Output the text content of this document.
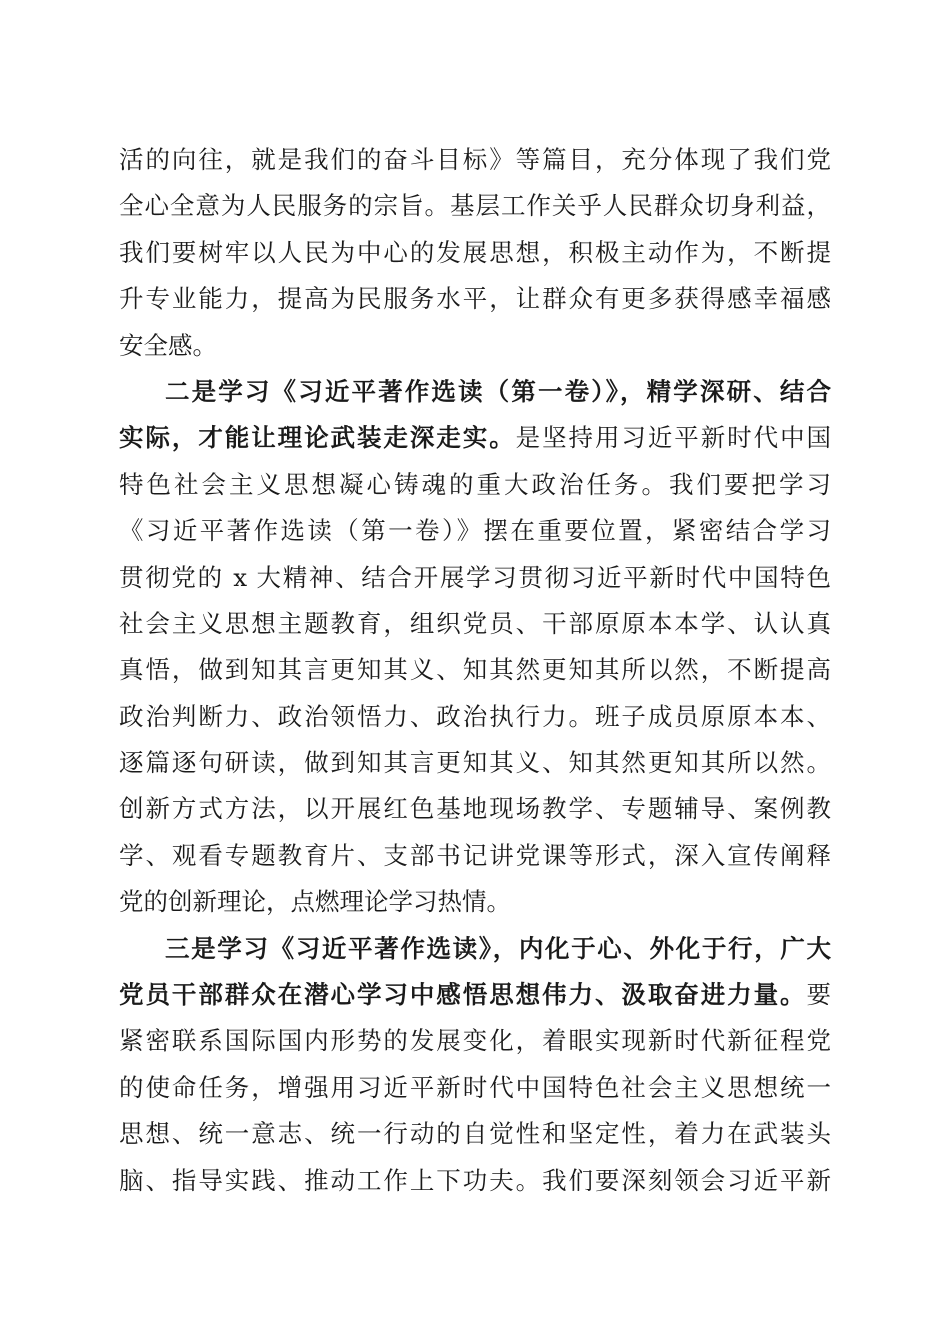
活的向往，就是我们的奋斗目标》等篇目，充分体现了我们党
全心全意为人民服务的宗旨。基层工作关乎人民群众切身利益，
我们要树牢以人民为中心的发展思想，积极主动作为，不断提
升专业能力，提高为民服务水平，让群众有更多获得感幸福感
安全感。
二是学习《习近平著作选读（第一卷）》，精学深研、结合
实际，才能让理论武装走深走实。是坚持用习近平新时代中国
特色社会主义思想凝心铸魂的重大政治任务。我们要把学习
《习近平著作选读（第一卷）》摆在重要位置，紧密结合学习
贯彻党的 x 大精神、结合开展学习贯彻习近平新时代中国特色
社会主义思想主题教育，组织党员、干部原原本本学、认认真
真悟，做到知其言更知其义、知其然更知其所以然，不断提高
政治判断力、政治领悟力、政治执行力。班子成员原原本本、
逐篇逐句研读，做到知其言更知其义、知其然更知其所以然。
创新方式方法，以开展红色基地现场教学、专题辅导、案例教
学、观看专题教育片、支部书记讲党课等形式，深入宣传阐释
党的创新理论，点燃理论学习热情。
三是学习《习近平著作选读》，内化于心、外化于行，广大
党员干部群众在潜心学习中感悟思想伟力、汲取奋进力量。要
紧密联系国际国内形势的发展变化，着眼实现新时代新征程党
的使命任务，增强用习近平新时代中国特色社会主义思想统一
思想、统一意志、统一行动的自觉性和坚定性，着力在武装头
脑、指导实践、推动工作上下功夫。我们要深刻领会习近平新
